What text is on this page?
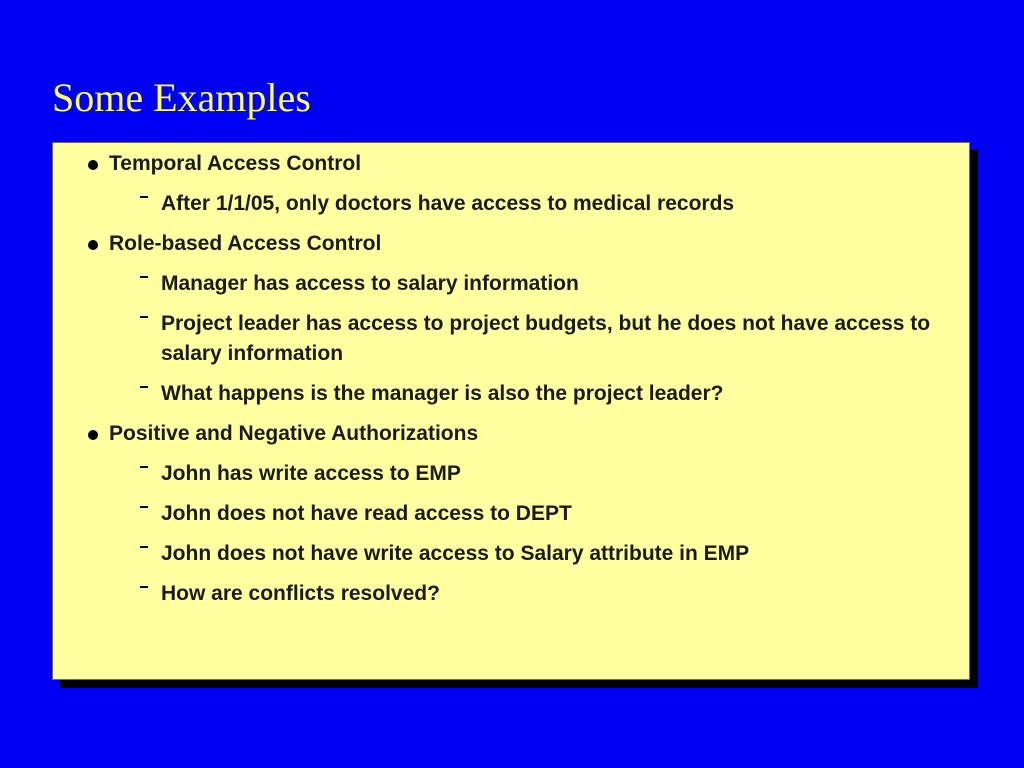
Some Examples
Temporal Access Control
After 1/1/05, only doctors have access to medical records
Role-based Access Control
Manager has access to salary information
Project leader has access to project budgets, but he does not have access to salary information
What happens is the manager is also the project leader?
Positive and Negative Authorizations
John has write access to EMP
John does not have read access to DEPT
John does not have write access to Salary attribute in EMP
How are conflicts resolved?
